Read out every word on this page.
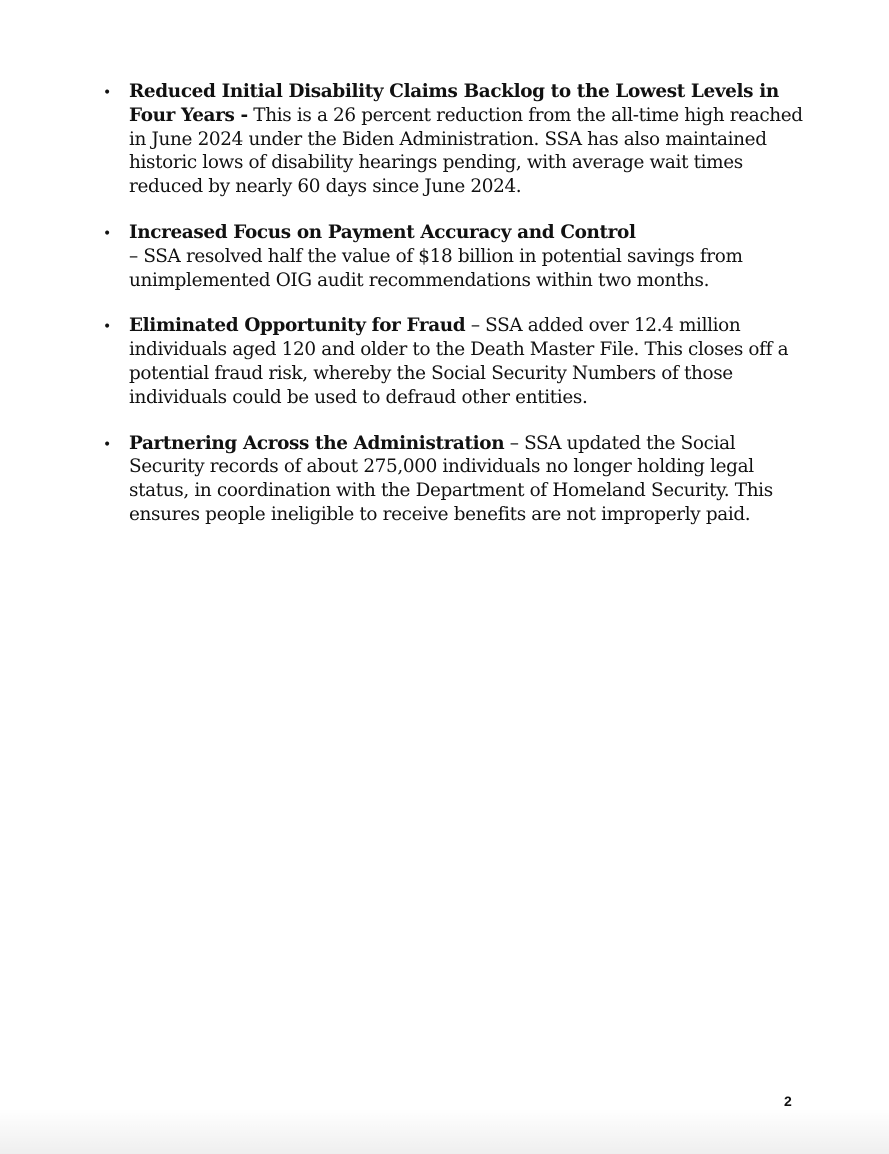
• Reduced Initial Disability Claims Backlog to the Lowest Levels in Four Years - This is a 26 percent reduction from the all-time high reached in June 2024 under the Biden Administration. SSA has also maintained historic lows of disability hearings pending, with average wait times reduced by nearly 60 days since June 2024.
• Increased Focus on Payment Accuracy and Control
– SSA resolved half the value of $18 billion in potential savings from unimplemented OIG audit recommendations within two months.
• Eliminated Opportunity for Fraud – SSA added over 12.4 million individuals aged 120 and older to the Death Master File. This closes off a potential fraud risk, whereby the Social Security Numbers of those individuals could be used to defraud other entities.
• Partnering Across the Administration – SSA updated the Social Security records of about 275,000 individuals no longer holding legal status, in coordination with the Department of Homeland Security. This ensures people ineligible to receive benefits are not improperly paid.
2
